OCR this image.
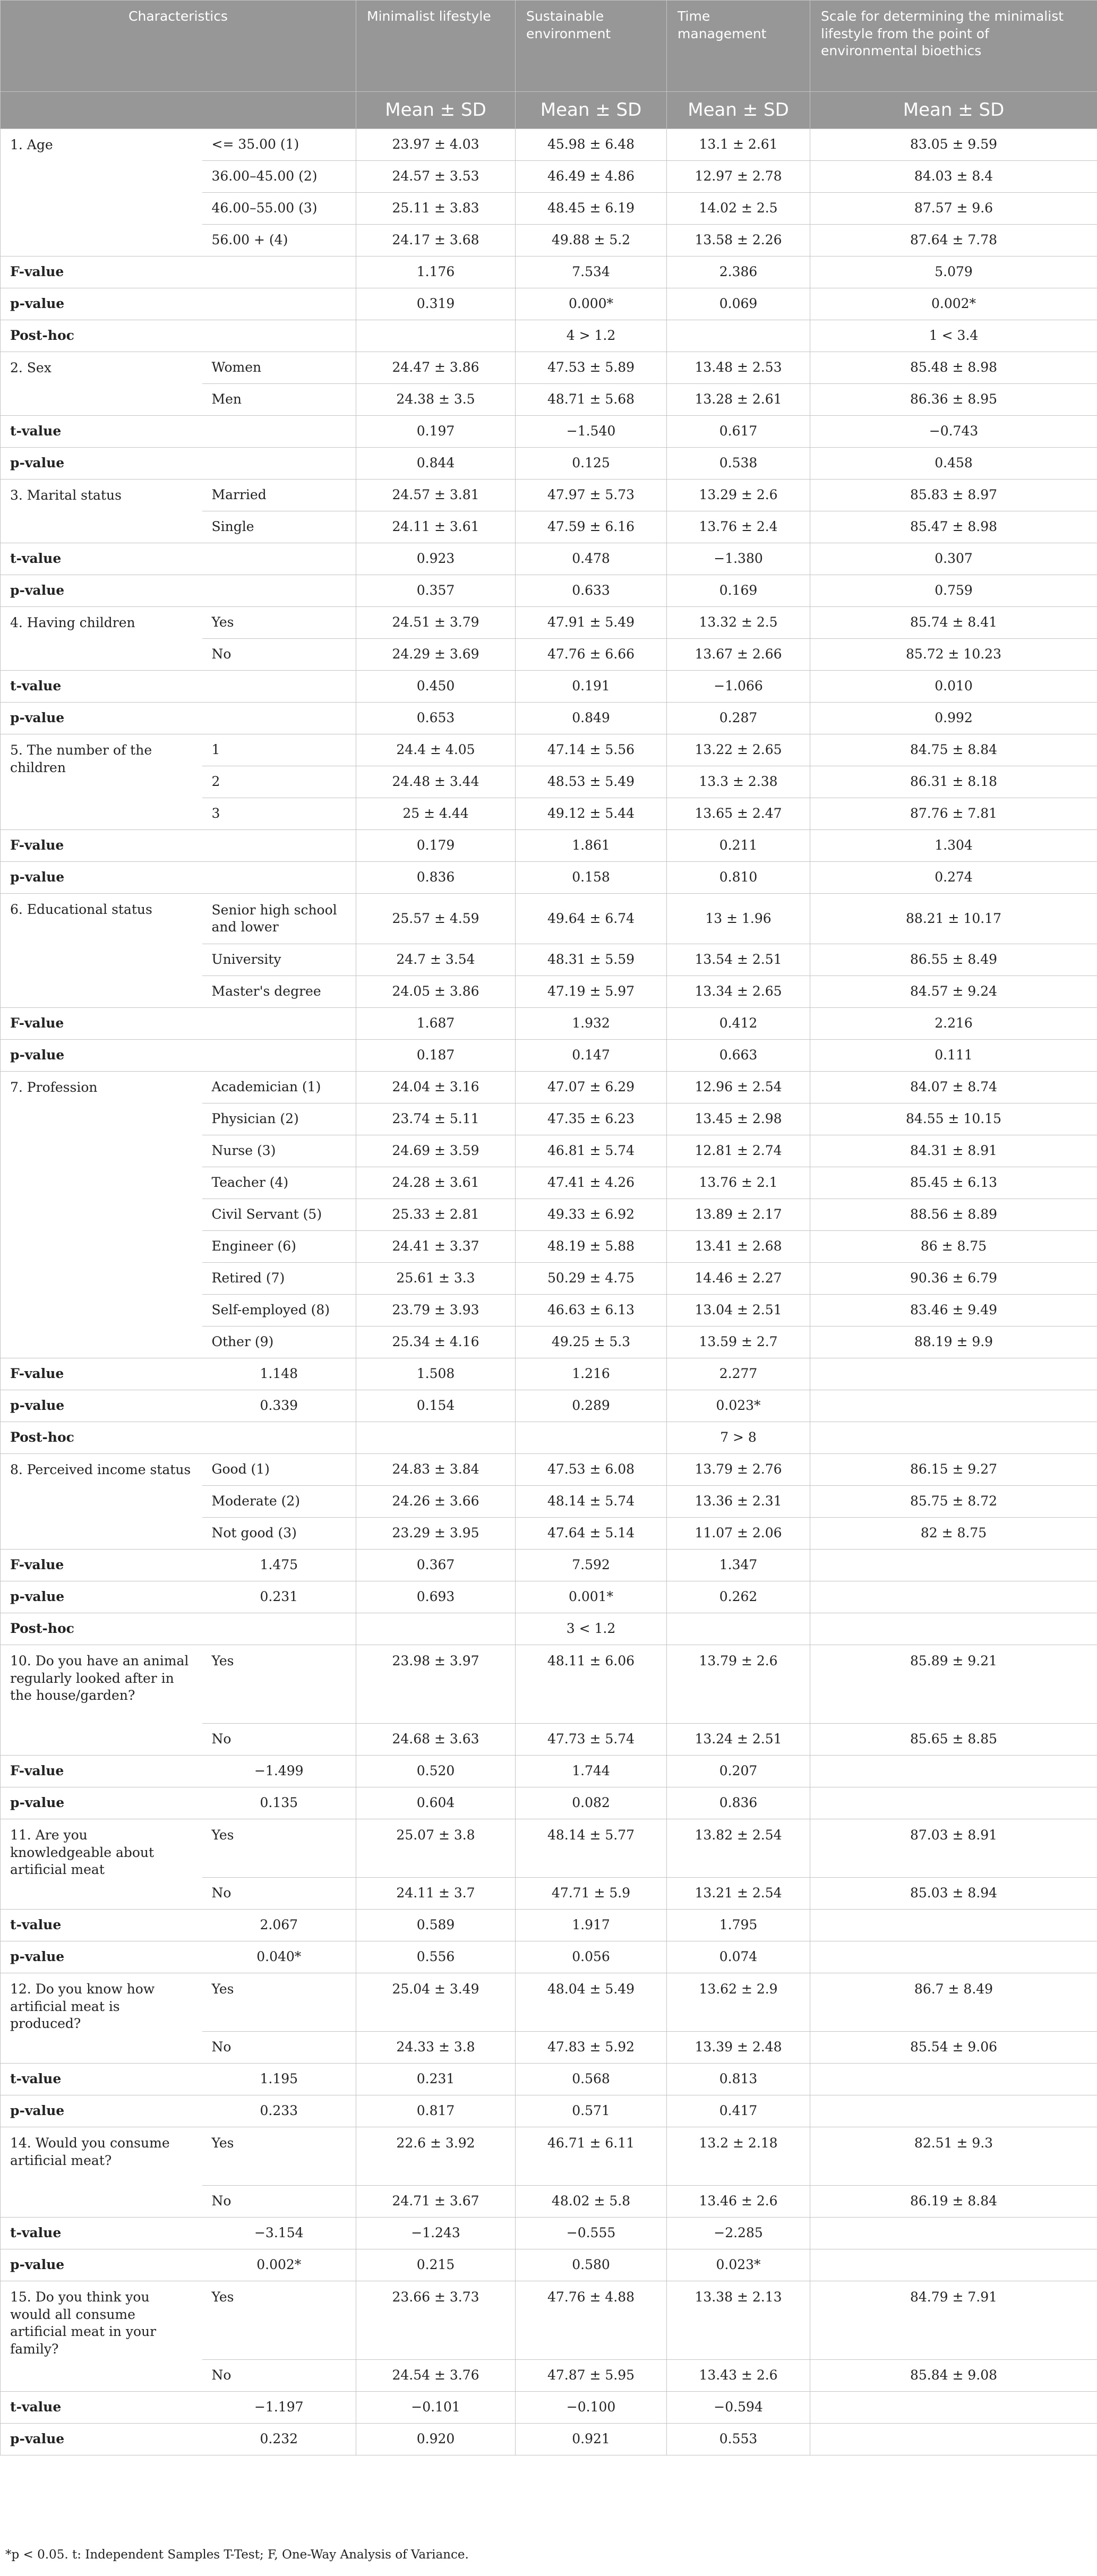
Characteristics		Minimalist lifestyle	Sustainable environment	Time management	Scale for determining the minimalist lifestyle from the point of environmental bioethics
		Mean ± SD	Mean ± SD	Mean ± SD	Mean ± SD
1. Age	<= 35.00 (1)	23.97 ± 4.03	45.98 ± 6.48	13.1 ± 2.61	83.05 ± 9.59
	36.00–45.00 (2)	24.57 ± 3.53	46.49 ± 4.86	12.97 ± 2.78	84.03 ± 8.4
	46.00–55.00 (3)	25.11 ± 3.83	48.45 ± 6.19	14.02 ± 2.5	87.57 ± 9.6
	56.00 + (4)	24.17 ± 3.68	49.88 ± 5.2	13.58 ± 2.26	87.64 ± 7.78
F-value		1.176	7.534	2.386	5.079
p-value		0.319	0.000*	0.069	0.002*
Post-hoc			4 > 1.2		1 < 3.4
2. Sex	Women	24.47 ± 3.86	47.53 ± 5.89	13.48 ± 2.53	85.48 ± 8.98
	Men	24.38 ± 3.5	48.71 ± 5.68	13.28 ± 2.61	86.36 ± 8.95
t-value		0.197	−1.540	0.617	−0.743
p-value		0.844	0.125	0.538	0.458
3. Marital status	Married	24.57 ± 3.81	47.97 ± 5.73	13.29 ± 2.6	85.83 ± 8.97
	Single	24.11 ± 3.61	47.59 ± 6.16	13.76 ± 2.4	85.47 ± 8.98
t-value		0.923	0.478	−1.380	0.307
p-value		0.357	0.633	0.169	0.759
4. Having children	Yes	24.51 ± 3.79	47.91 ± 5.49	13.32 ± 2.5	85.74 ± 8.41
	No	24.29 ± 3.69	47.76 ± 6.66	13.67 ± 2.66	85.72 ± 10.23
t-value		0.450	0.191	−1.066	0.010
p-value		0.653	0.849	0.287	0.992
5. The number of the children	1	24.4 ± 4.05	47.14 ± 5.56	13.22 ± 2.65	84.75 ± 8.84
	2	24.48 ± 3.44	48.53 ± 5.49	13.3 ± 2.38	86.31 ± 8.18
	3	25 ± 4.44	49.12 ± 5.44	13.65 ± 2.47	87.76 ± 7.81
F-value		0.179	1.861	0.211	1.304
p-value		0.836	0.158	0.810	0.274
6. Educational status	Senior high school and lower	25.57 ± 4.59	49.64 ± 6.74	13 ± 1.96	88.21 ± 10.17
	University	24.7 ± 3.54	48.31 ± 5.59	13.54 ± 2.51	86.55 ± 8.49
	Master's degree	24.05 ± 3.86	47.19 ± 5.97	13.34 ± 2.65	84.57 ± 9.24
F-value		1.687	1.932	0.412	2.216
p-value		0.187	0.147	0.663	0.111
7. Profession	Academician (1)	24.04 ± 3.16	47.07 ± 6.29	12.96 ± 2.54	84.07 ± 8.74
	Physician (2)	23.74 ± 5.11	47.35 ± 6.23	13.45 ± 2.98	84.55 ± 10.15
	Nurse (3)	24.69 ± 3.59	46.81 ± 5.74	12.81 ± 2.74	84.31 ± 8.91
	Teacher (4)	24.28 ± 3.61	47.41 ± 4.26	13.76 ± 2.1	85.45 ± 6.13
	Civil Servant (5)	25.33 ± 2.81	49.33 ± 6.92	13.89 ± 2.17	88.56 ± 8.89
	Engineer (6)	24.41 ± 3.37	48.19 ± 5.88	13.41 ± 2.68	86 ± 8.75
	Retired (7)	25.61 ± 3.3	50.29 ± 4.75	14.46 ± 2.27	90.36 ± 6.79
	Self-employed (8)	23.79 ± 3.93	46.63 ± 6.13	13.04 ± 2.51	83.46 ± 9.49
	Other (9)	25.34 ± 4.16	49.25 ± 5.3	13.59 ± 2.7	88.19 ± 9.9
F-value	1.148	1.508	1.216	2.277	
p-value	0.339	0.154	0.289	0.023*	
Post-hoc				7 > 8	
8. Perceived income status	Good (1)	24.83 ± 3.84	47.53 ± 6.08	13.79 ± 2.76	86.15 ± 9.27
	Moderate (2)	24.26 ± 3.66	48.14 ± 5.74	13.36 ± 2.31	85.75 ± 8.72
	Not good (3)	23.29 ± 3.95	47.64 ± 5.14	11.07 ± 2.06	82 ± 8.75
F-value	1.475	0.367	7.592	1.347	
p-value	0.231	0.693	0.001*	0.262	
Post-hoc			3 < 1.2		
10. Do you have an animal regularly looked after in the house/garden?	Yes	23.98 ± 3.97	48.11 ± 6.06	13.79 ± 2.6	85.89 ± 9.21
	No	24.68 ± 3.63	47.73 ± 5.74	13.24 ± 2.51	85.65 ± 8.85
F-value	−1.499	0.520	1.744	0.207	
p-value	0.135	0.604	0.082	0.836	
11. Are you knowledgeable about artificial meat	Yes	25.07 ± 3.8	48.14 ± 5.77	13.82 ± 2.54	87.03 ± 8.91
	No	24.11 ± 3.7	47.71 ± 5.9	13.21 ± 2.54	85.03 ± 8.94
t-value	2.067	0.589	1.917	1.795	
p-value	0.040*	0.556	0.056	0.074	
12. Do you know how artificial meat is produced?	Yes	25.04 ± 3.49	48.04 ± 5.49	13.62 ± 2.9	86.7 ± 8.49
	No	24.33 ± 3.8	47.83 ± 5.92	13.39 ± 2.48	85.54 ± 9.06
t-value	1.195	0.231	0.568	0.813	
p-value	0.233	0.817	0.571	0.417	
14. Would you consume artificial meat?	Yes	22.6 ± 3.92	46.71 ± 6.11	13.2 ± 2.18	82.51 ± 9.3
	No	24.71 ± 3.67	48.02 ± 5.8	13.46 ± 2.6	86.19 ± 8.84
t-value	−3.154	−1.243	−0.555	−2.285	
p-value	0.002*	0.215	0.580	0.023*	
15. Do you think you would all consume artificial meat in your family?	Yes	23.66 ± 3.73	47.76 ± 4.88	13.38 ± 2.13	84.79 ± 7.91
	No	24.54 ± 3.76	47.87 ± 5.95	13.43 ± 2.6	85.84 ± 9.08
t-value	−1.197	−0.101	−0.100	−0.594	
p-value	0.232	0.920	0.921	0.553	
*p < 0.05. t: Independent Samples T-Test; F, One-Way Analysis of Variance.
